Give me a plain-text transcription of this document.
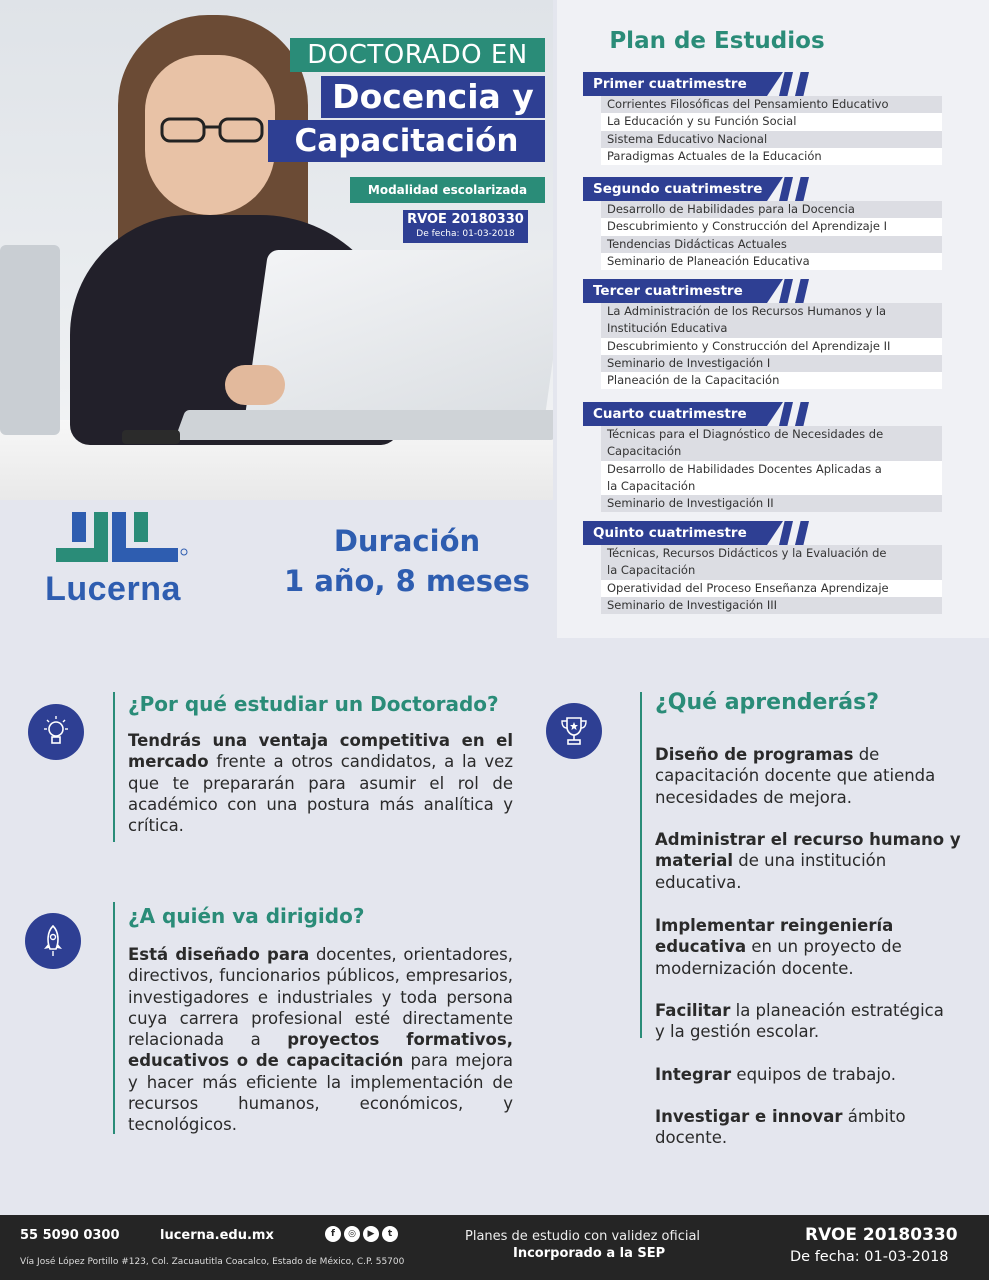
DOCTORADO EN
Docencia y
Capacitación
Modalidad escolarizada
RVOE 20180330
De fecha: 01-03-2018
Lucerna
Duración
1 año, 8 meses
Plan de Estudios
Primer cuatrimestre
Corrientes Filosóficas del Pensamiento Educativo
La Educación y su Función Social
Sistema Educativo Nacional
Paradigmas Actuales de la Educación
Segundo cuatrimestre
Desarrollo de Habilidades para la Docencia
Descubrimiento y Construcción del Aprendizaje I
Tendencias Didácticas Actuales
Seminario de Planeación Educativa
Tercer cuatrimestre
La Administración de los Recursos Humanos y la
Institución Educativa
Descubrimiento y Construcción del Aprendizaje II
Seminario de Investigación I
Planeación de la Capacitación
Cuarto cuatrimestre
Técnicas para el Diagnóstico de Necesidades de
Capacitación
Desarrollo de Habilidades Docentes Aplicadas a
la Capacitación
Seminario de Investigación II
Quinto cuatrimestre
Técnicas, Recursos Didácticos y la Evaluación de
la Capacitación
Operatividad del Proceso Enseñanza Aprendizaje
Seminario de Investigación III
¿Por qué estudiar un Doctorado?
Tendrás una ventaja competitiva en el mercado frente a otros candidatos, a la vez que te prepararán para asumir el rol de académico con una postura más analítica y crítica.
¿A quién va dirigido?
Está diseñado para docentes, orientadores, directivos, funcionarios públicos, empresarios, investigadores e industriales y toda persona cuya carrera profesional esté directamente relacionada a proyectos formativos, educativos o de capacitación para mejora y hacer más eficiente la implementación de recursos humanos, económicos, y tecnológicos.
¿Qué aprenderás?
Diseño de programas de capacitación docente que atienda necesidades de mejora.
Administrar el recurso humano y material de una institución educativa.
Implementar reingeniería educativa en un proyecto de modernización docente.
Facilitar la planeación estratégica y la gestión escolar.
Integrar equipos de trabajo.
Investigar e innovar ámbito docente.
55 5090 0300	lucerna.edu.mx	f	◎	▶	t
Vía José López Portillo #123, Col. Zacuautitla Coacalco, Estado de México, C.P. 55700
Planes de estudio con validez oficial
Incorporado a la SEP
RVOE 20180330
De fecha: 01-03-2018
